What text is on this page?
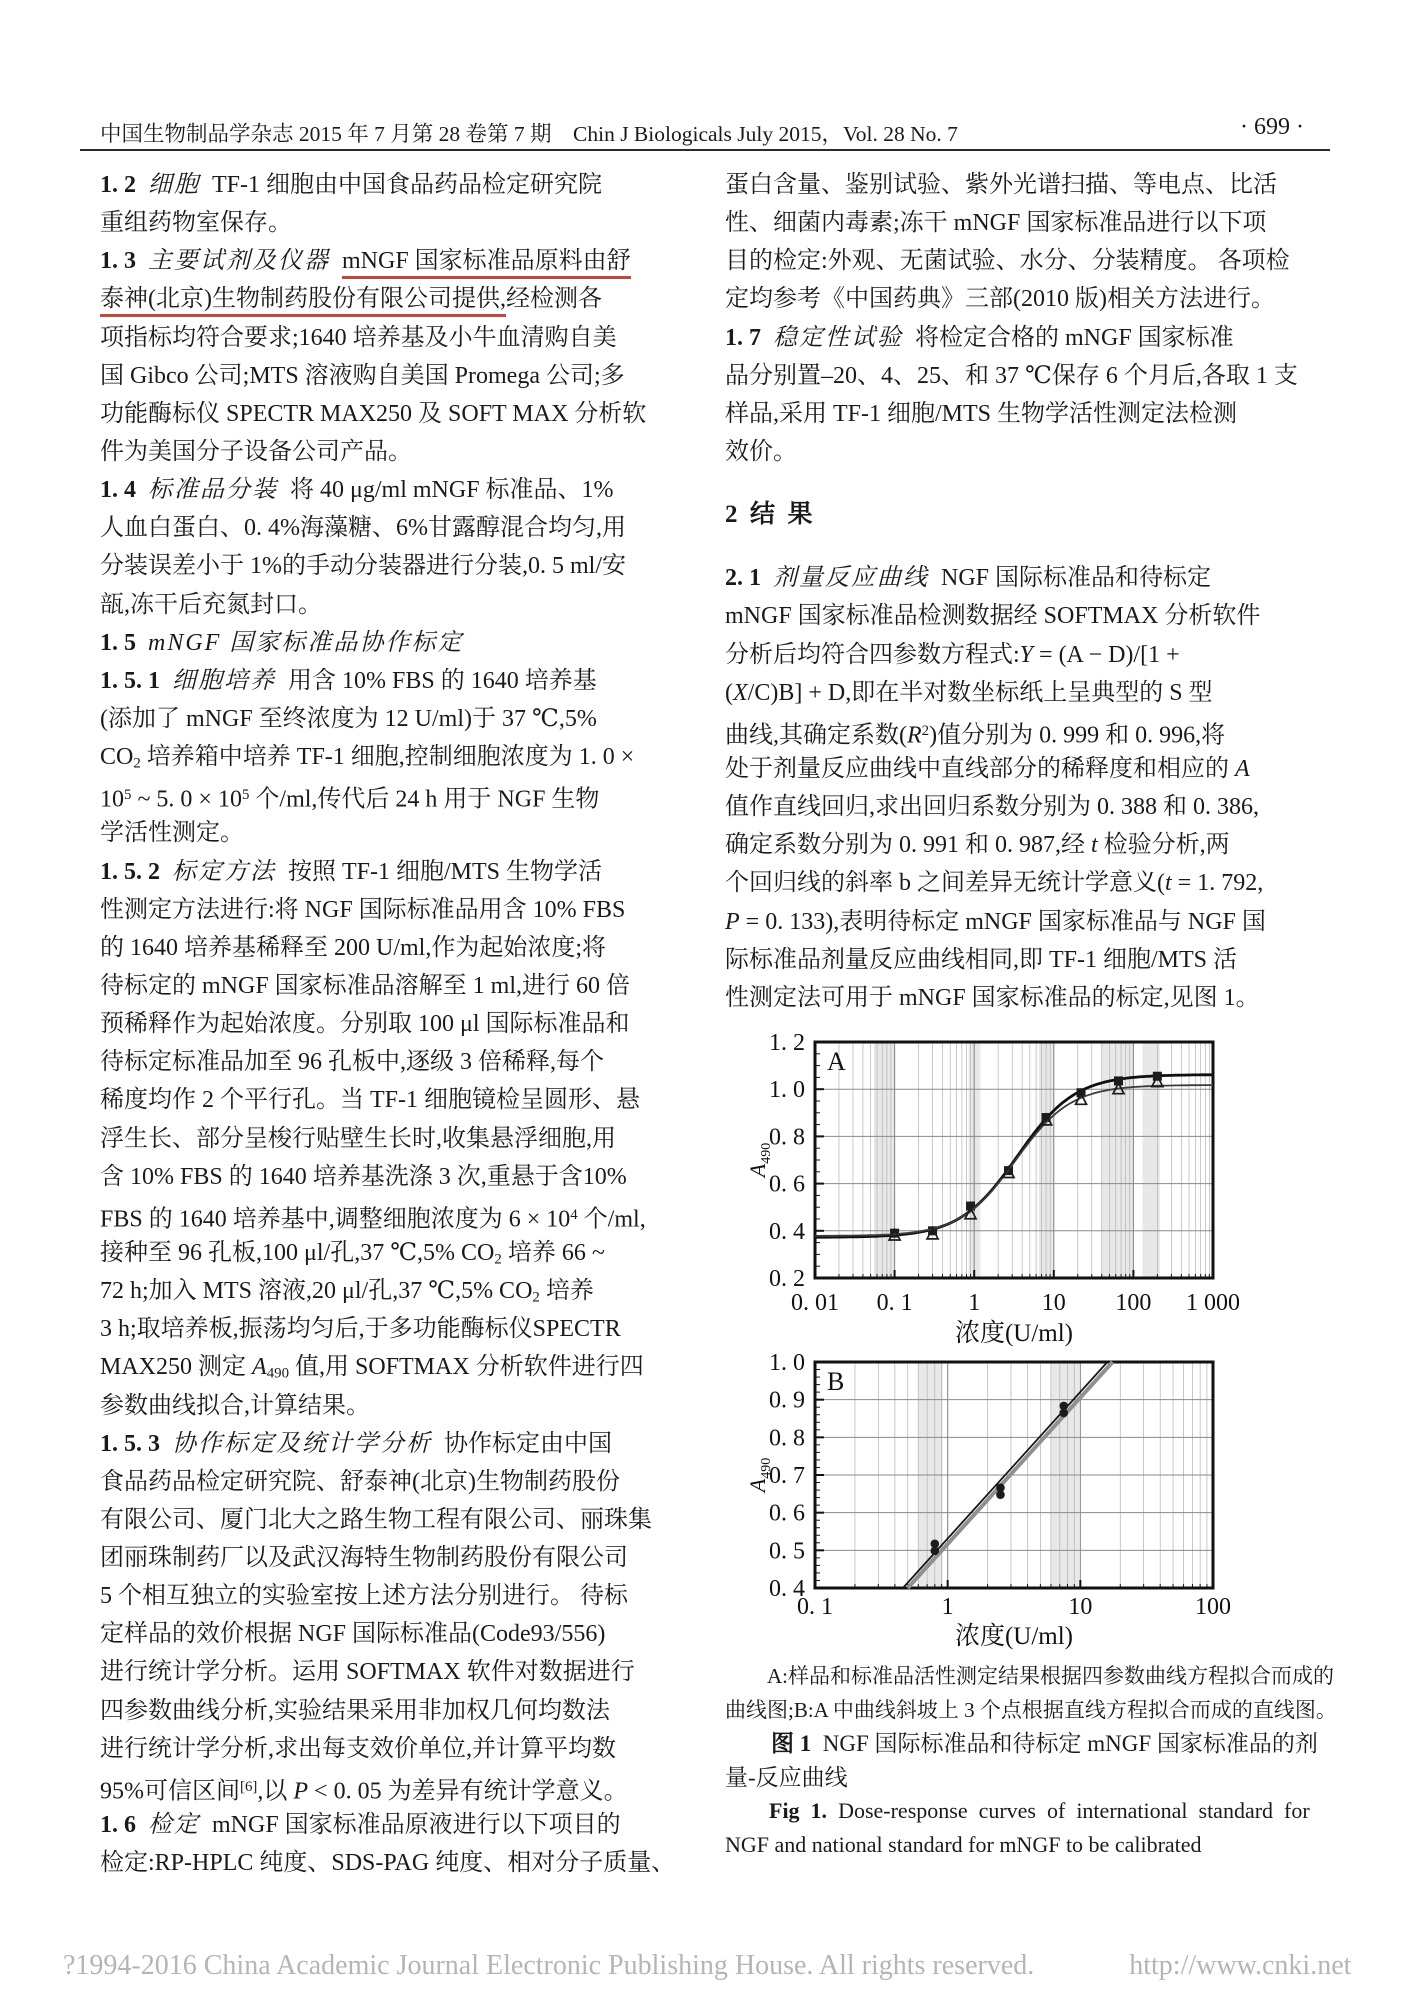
中国生物制品学杂志 2015 年 7 月第 28 卷第 7 期　Chin J Biologicals July 2015，Vol. 28 No. 7	· 699 ·
1. 2 细胞  TF-1 细胞由中国食品药品检定研究院
重组药物室保存。
1. 3 主要试剂及仪器 mNGF 国家标准品原料由舒
泰神(北京)生物制药股份有限公司提供,经检测各
项指标均符合要求;1640 培养基及小牛血清购自美
国 Gibco 公司;MTS 溶液购自美国 Promega 公司;多
功能酶标仪 SPECTR MAX250 及 SOFT MAX 分析软
件为美国分子设备公司产品。
1. 4 标准品分装  将 40 μg/ml mNGF 标准品、1%
人血白蛋白、0. 4%海藻糖、6%甘露醇混合均匀,用
分装误差小于 1%的手动分装器进行分装,0. 5 ml/安
瓿,冻干后充氮封口。
1. 5 mNGF 国家标准品协作标定
1. 5. 1 细胞培养  用含 10% FBS 的 1640 培养基
(添加了 mNGF 至终浓度为 12 U/ml)于 37 ℃,5%
CO2 培养箱中培养 TF-1 细胞,控制细胞浓度为 1. 0 ×
$10^5$ ~ 5. $0 \times 10^5$ 个/ml,传代后 24 h 用于 NGF 生物
学活性测定。
1. 5. 2 标定方法  按照 TF-1 细胞/MTS 生物学活
性测定方法进行:将 NGF 国际标准品用含 10% FBS
的 1640 培养基稀释至 200 U/ml,作为起始浓度;将
待标定的 mNGF 国家标准品溶解至 1 ml,进行 60 倍
预稀释作为起始浓度。分别取 100 μl 国际标准品和
待标定标准品加至 96 孔板中,逐级 3 倍稀释,每个
稀度均作 2 个平行孔。当 TF-1 细胞镜检呈圆形、悬
浮生长、部分呈梭行贴壁生长时,收集悬浮细胞,用
含 10% FBS 的 1640 培养基洗涤 3 次,重悬于含10%
FBS 的 1640 培养基中,调整细胞浓度为 $6 \times 10^4$ 个/ml,
接种至 96 孔板,100 μl/孔,37 ℃,5% CO2 培养 66 ~
72 h;加入 MTS 溶液,20 μl/孔,37 ℃,5% CO2 培养
3 h;取培养板,振荡均匀后,于多功能酶标仪SPECTR
MAX250 测定 A490 值,用 SOFTMAX 分析软件进行四
参数曲线拟合,计算结果。
1. 5. 3 协作标定及统计学分析  协作标定由中国
食品药品检定研究院、舒泰神(北京)生物制药股份
有限公司、厦门北大之路生物工程有限公司、丽珠集
团丽珠制药厂以及武汉海特生物制药股份有限公司
5 个相互独立的实验室按上述方法分别进行。 待标
定样品的效价根据 NGF 国际标准品(Code93/556)
进行统计学分析。运用 SOFTMAX 软件对数据进行
四参数曲线分析,实验结果采用非加权几何均数法
进行统计学分析,求出每支效价单位,并计算平均数
95%可信区间[6],以 P < 0. 05 为差异有统计学意义。
1. 6 检定  mNGF 国家标准品原液进行以下项目的
检定:RP-HPLC 纯度、SDS-PAG 纯度、相对分子质量、
蛋白含量、鉴别试验、紫外光谱扫描、等电点、比活
性、细菌内毒素;冻干 mNGF 国家标准品进行以下项
目的检定:外观、无菌试验、水分、分装精度。 各项检
定均参考《中国药典》三部(2010 版)相关方法进行。
1. 7 稳定性试验  将检定合格的 mNGF 国家标准
品分别置–20、4、25、和 37 ℃保存 6 个月后,各取 1 支
样品,采用 TF-1 细胞/MTS 生物学活性测定法检测
效价。
2  结  果
2. 1 剂量反应曲线  NGF 国际标准品和待标定
mNGF 国家标准品检测数据经 SOFTMAX 分析软件
分析后均符合四参数方程式:Y = (A − D)/[1 +
(X/C)B] + D,即在半对数坐标纸上呈典型的 S 型
曲线,其确定系数$(R^2)$值分别为 0. 999 和 0. 996,将
处于剂量反应曲线中直线部分的稀释度和相应的 A
值作直线回归,求出回归系数分别为 0. 388 和 0. 386,
确定系数分别为 0. 991 和 0. 987,经 t 检验分析,两
个回归线的斜率 b 之间差异无统计学意义(t = 1. 792,
P = 0. 133),表明待标定 mNGF 国家标准品与 NGF 国
际标准品剂量反应曲线相同,即 TF-1 细胞/MTS 活
性测定法可用于 mNGF 国家标准品的标定,见图 1。
A
0. 2
0. 4
0. 6
0. 8
1. 0
1. 2
0. 01 0. 1 1	10 100 1 000
浓度(U/ml)
$A_{490}$
B
0. 4
0. 5
0. 6
0. 7
0. 8
0. 9
1. 0
0. 1	1	10	100
浓度(U/ml)
$A_{490}$
　　A:样品和标准品活性测定结果根据四参数曲线方程拟合而成的
曲线图;B:A 中曲线斜坡上 3 个点根据直线方程拟合而成的直线图。
　　图 1  NGF 国际标准品和待标定 mNGF 国家标准品的剂
量-反应曲线
　　Fig  1.  Dose-response  curves  of  international  standard  for
NGF and national standard for mNGF to be calibrated

?1994-2016 China Academic Journal Electronic Publishing House. All rights reserved.	http://www.cnki.net
